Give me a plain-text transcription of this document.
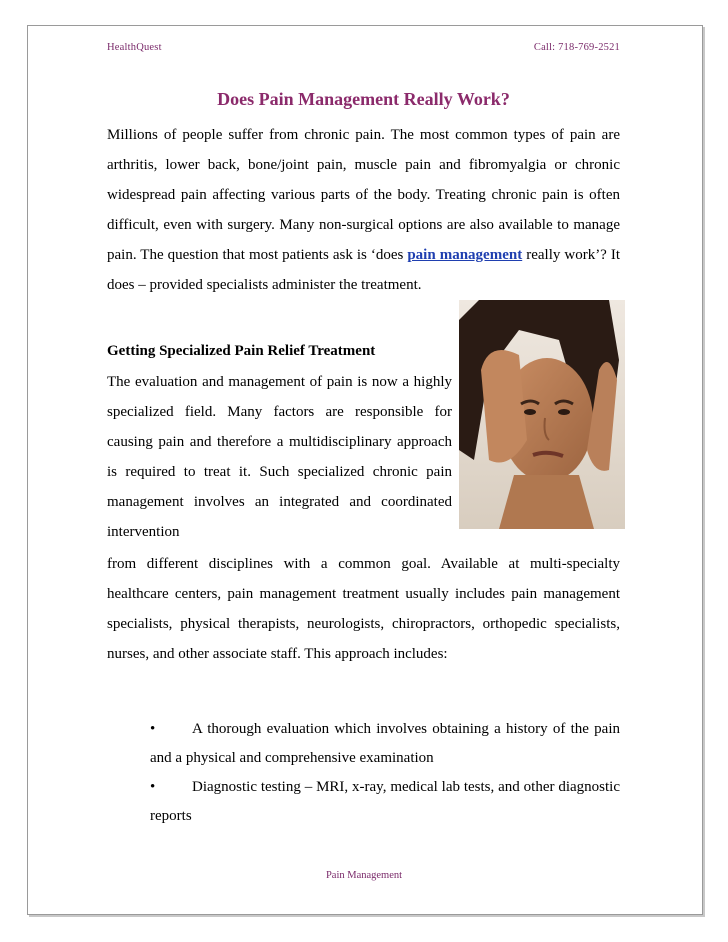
HealthQuest	Call: 718-769-2521
Does Pain Management Really Work?
Millions of people suffer from chronic pain. The most common types of pain are arthritis, lower back, bone/joint pain, muscle pain and fibromyalgia or chronic widespread pain affecting various parts of the body. Treating chronic pain is often difficult, even with surgery. Many non-surgical options are also available to manage pain. The question that most patients ask is ‘does pain management really work’? It does – provided specialists administer the treatment.
Getting Specialized Pain Relief Treatment
The evaluation and management of pain is now a highly specialized field. Many factors are responsible for causing pain and therefore a multidisciplinary approach is required to treat it. Such specialized chronic pain management involves an integrated and coordinated intervention
from different disciplines with a common goal. Available at multi-specialty healthcare centers, pain management treatment usually includes pain management specialists, physical therapists, neurologists, chiropractors, orthopedic specialists, nurses, and other associate staff. This approach includes:
• A thorough evaluation which involves obtaining a history of the pain and a physical and comprehensive examination
• Diagnostic testing – MRI, x-ray, medical lab tests, and other diagnostic reports
Pain Management
